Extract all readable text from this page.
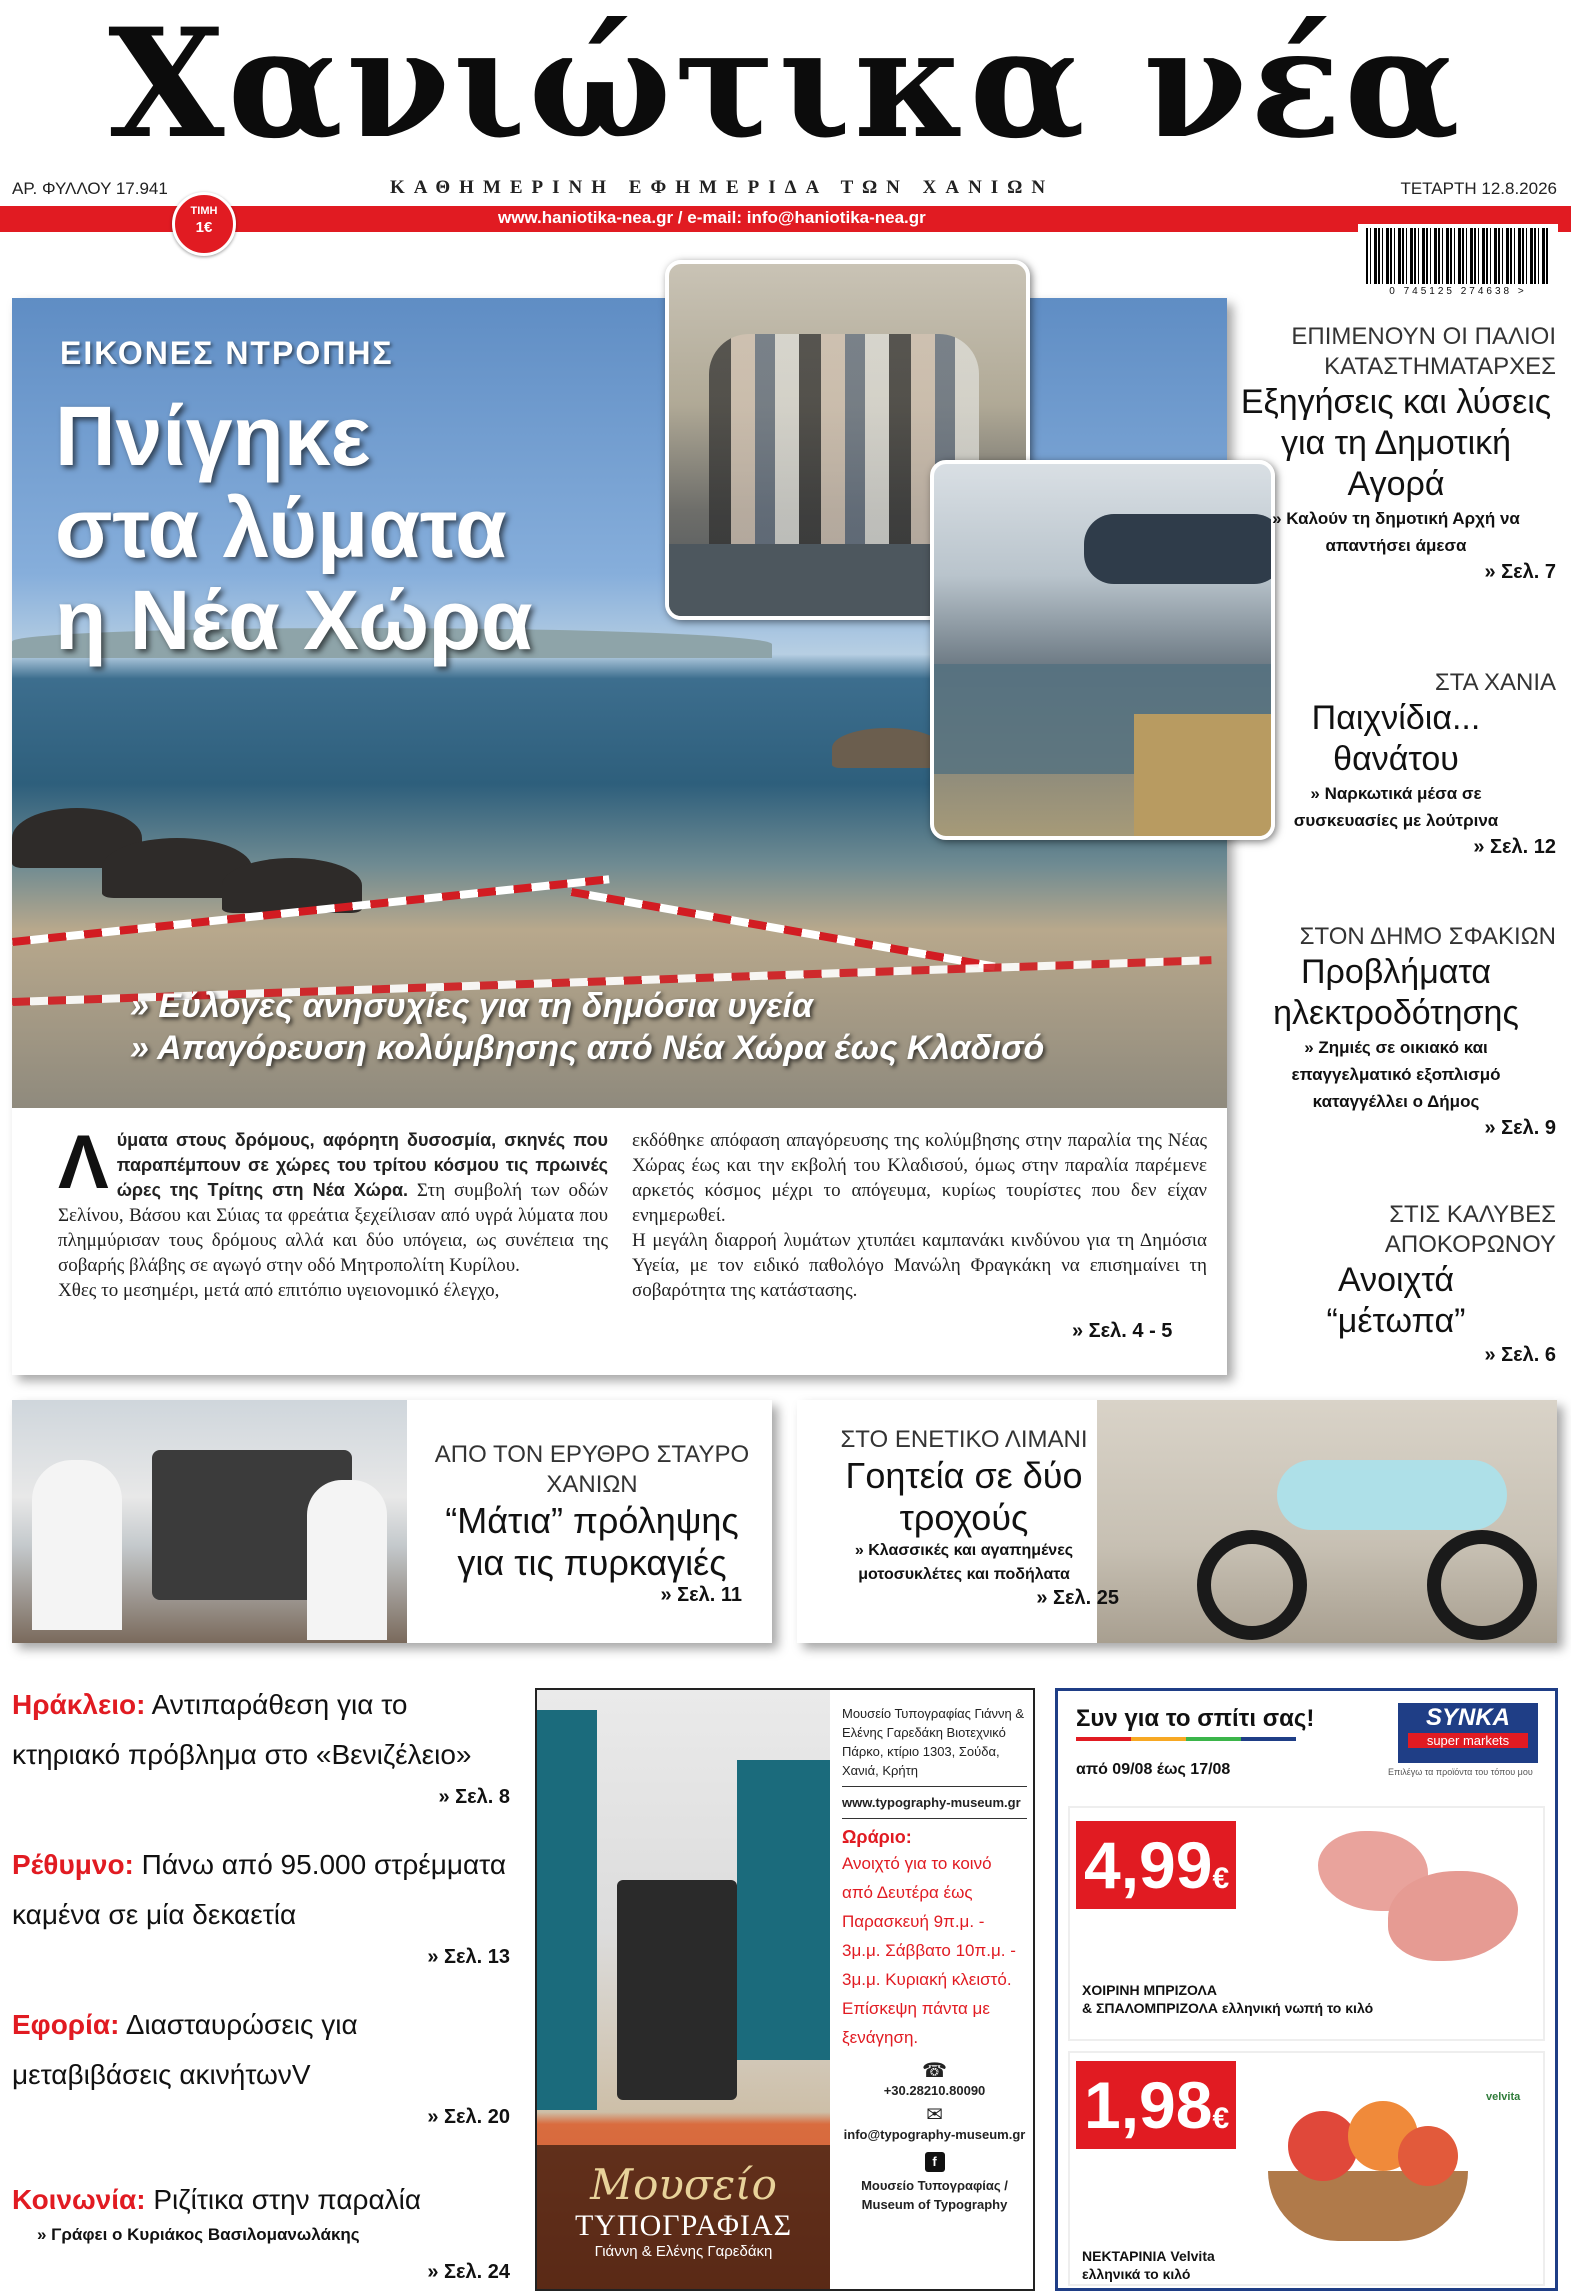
Χανιώτικα νέα
ΑΡ. ΦΥΛΛΟΥ 17.941	ΚΑΘΗΜΕΡΙΝΗ ΕΦΗΜΕΡΙΔΑ ΤΩΝ ΧΑΝΙΩΝ	ΤΕΤΑΡΤΗ 12.8.2026
www.haniotika-nea.gr / e-mail: info@haniotika-nea.gr
ΤΙΜΗ
1€
0 745125 274638 >
ΕΙΚΟΝΕΣ ΝΤΡΟΠΗΣ
Πνίγηκε
στα λύματα
η Νέα Χώρα
» Εύλογες ανησυχίες για τη δημόσια υγεία
» Απαγόρευση κολύμβησης από Νέα Χώρα έως Κλαδισό
Λύματα στους δρόμους, αφόρητη δυσοσμία, σκηνές που παραπέμπουν σε χώρες του τρίτου κόσμου τις πρωινές ώρες της Τρίτης στη Νέα Χώρα. Στη συμβολή των οδών Σελίνου, Βάσου και Σύιας τα φρεάτια ξεχείλισαν από υγρά λύματα που πλημμύρισαν τους δρόμους αλλά και δύο υπόγεια, ως συνέπεια της σοβαρής βλάβης σε αγωγό στην οδό Μητροπολίτη Κυρίλου.
Χθες το μεσημέρι, μετά από επιτόπιο υγειονομικό έλεγχο,
εκδόθηκε απόφαση απαγόρευσης της κολύμβησης στην παραλία της Νέας Χώρας έως και την εκβολή του Κλαδισού, όμως στην παραλία παρέμενε αρκετός κόσμος μέχρι το απόγευμα, κυρίως τουρίστες που δεν είχαν ενημερωθεί.
Η μεγάλη διαρροή λυμάτων χτυπάει καμπανάκι κινδύνου για τη Δημόσια Υγεία, με τον ειδικό παθολόγο Μανώλη Φραγκάκη να επισημαίνει τη σοβαρότητα της κατάστασης.
» Σελ. 4 - 5
ΕΠΙΜΕΝΟΥΝ ΟΙ ΠΑΛΙΟΙ ΚΑΤΑΣΤΗΜΑΤΑΡΧΕΣ
Εξηγήσεις και λύσεις για τη Δημοτική Αγορά
» Καλούν τη δημοτική Αρχή να απαντήσει άμεσα
» Σελ. 7
ΣΤΑ ΧΑΝΙΑ
Παιχνίδια... θανάτου
» Ναρκωτικά μέσα σε συσκευασίες με λούτρινα
» Σελ. 12
ΣΤΟΝ ΔΗΜΟ ΣΦΑΚΙΩΝ
Προβλήματα ηλεκτροδότησης
» Ζημιές σε οικιακό και επαγγελματικό εξοπλισμό καταγγέλλει ο Δήμος
» Σελ. 9
ΣΤΙΣ ΚΑΛΥΒΕΣ ΑΠΟΚΟΡΩΝΟΥ
Ανοιχτά “μέτωπα”
» Σελ. 6
ΑΠΟ ΤΟΝ ΕΡΥΘΡΟ ΣΤΑΥΡΟ ΧΑΝΙΩΝ
“Μάτια” πρόληψης για τις πυρκαγιές
» Σελ. 11
ΣΤΟ ΕΝΕΤΙΚΟ ΛΙΜΑΝΙ
Γοητεία σε δύο τροχούς
» Κλασσικές και αγαπημένες μοτοσυκλέτες και ποδήλατα
» Σελ. 25
Ηράκλειο: Αντιπαράθεση για το κτηριακό πρόβλημα στο «Βενιζέλειο»
» Σελ. 8
Ρέθυμνο: Πάνω από 95.000 στρέμματα καμένα σε μία δεκαετία
» Σελ. 13
Εφορία: Διασταυρώσεις για μεταβιβάσεις ακινήτωνV
» Σελ. 20
Κοινωνία: Ριζίτικα στην παραλία
» Γράφει ο Κυριάκος Βασιλομανωλάκης
» Σελ. 24
Μουσείο
ΤΥΠΟΓΡΑΦΙΑΣ
Γιάννη & Ελένης Γαρεδάκη
Μουσείο Τυπογραφίας Γιάννη & Ελένης Γαρεδάκη Βιοτεχνικό Πάρκο, κτίριο 1303, Σούδα, Χανιά, Κρήτη
www.typography-museum.gr
Ωράριο:
Ανοιχτό για το κοινό από Δευτέρα έως Παρασκευή 9π.μ. - 3μ.μ. Σάββατο 10π.μ. - 3μ.μ. Κυριακή κλειστό. Επίσκεψη πάντα με ξενάγηση.
☎
+30.28210.80090
✉
info@typography-museum.gr
f
Μουσείο Τυπογραφίας / Museum of Typography
Συν για το σπίτι σας!
από 09/08 έως 17/08
SYNKA
super markets
Επιλέγω τα προϊόντα του τόπου μου
4,99€
ΧΟΙΡΙΝΗ ΜΠΡΙΖΟΛΑ
& ΣΠΑΛΟΜΠΡΙΖΟΛΑ ελληνική νωπή το κιλό
1,98€
velvita
ΝΕΚΤΑΡΙΝΙΑ Velvita
ελληνικά το κιλό
